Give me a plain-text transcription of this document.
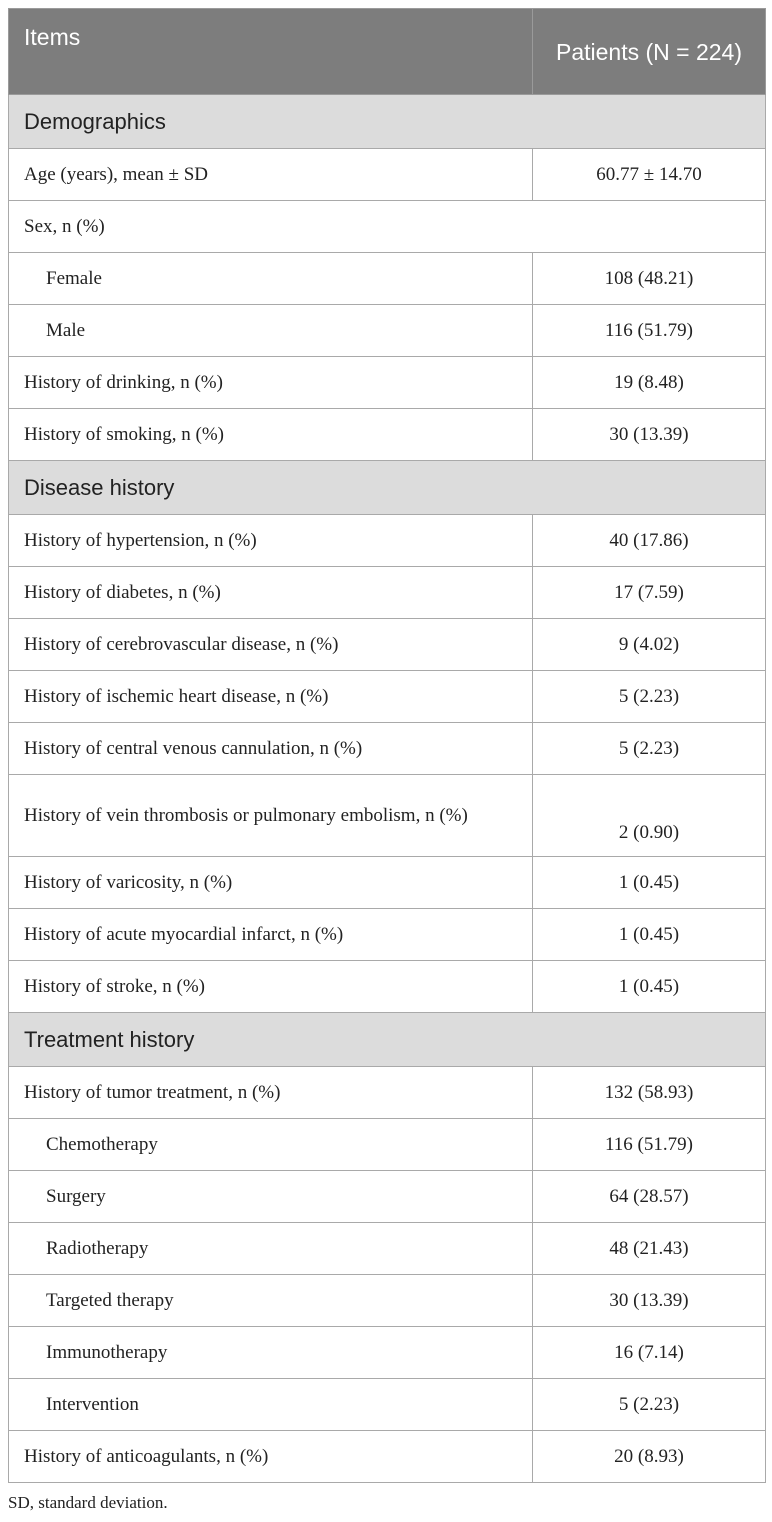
Items	Patients (N = 224)
Demographics	
Age (years), mean ± SD	60.77 ± 14.70
Sex, n (%)	
Female	108 (48.21)
Male	116 (51.79)
History of drinking, n (%)	19 (8.48)
History of smoking, n (%)	30 (13.39)
Disease history	
History of hypertension, n (%)	40 (17.86)
History of diabetes, n (%)	17 (7.59)
History of cerebrovascular disease, n (%)	9 (4.02)
History of ischemic heart disease, n (%)	5 (2.23)
History of central venous cannulation, n (%)	5 (2.23)
History of vein thrombosis or pulmonary embolism, n (%)	2 (0.90)
History of varicosity, n (%)	1 (0.45)
History of acute myocardial infarct, n (%)	1 (0.45)
History of stroke, n (%)	1 (0.45)
Treatment history	
History of tumor treatment, n (%)	132 (58.93)
Chemotherapy	116 (51.79)
Surgery	64 (28.57)
Radiotherapy	48 (21.43)
Targeted therapy	30 (13.39)
Immunotherapy	16 (7.14)
Intervention	5 (2.23)
History of anticoagulants, n (%)	20 (8.93)
SD, standard deviation.
